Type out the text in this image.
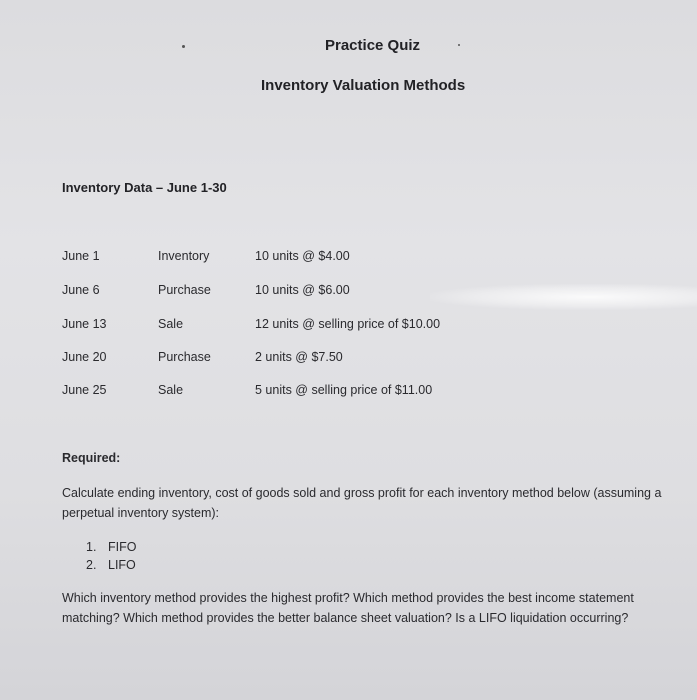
Practice Quiz
Inventory Valuation Methods
Inventory Data – June 1-30
June 1	Inventory	10 units @ $4.00
June 6	Purchase	10 units @ $6.00
June 13	Sale	12 units @ selling price of $10.00
June 20	Purchase	2 units @ $7.50
June 25	Sale	5 units @ selling price of $11.00
Required:
Calculate ending inventory, cost of goods sold and gross profit for each inventory method below (assuming a perpetual inventory system):
1. FIFO
2. LIFO
Which inventory method provides the highest profit? Which method provides the best income statement matching? Which method provides the better balance sheet valuation? Is a LIFO liquidation occurring?
